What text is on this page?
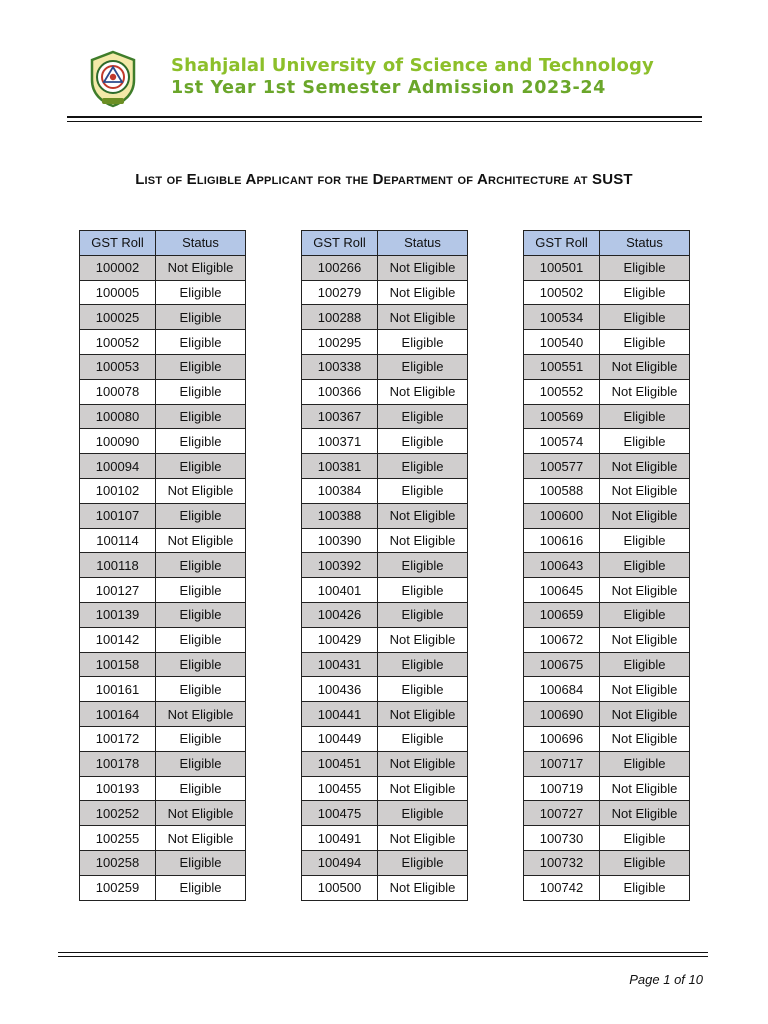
Shahjalal University of Science and Technology
1st Year 1st Semester Admission 2023-24
List of Eligible Applicant for the Department of Architecture at SUST
GST Roll	Status
100002	Not Eligible
100005	Eligible
100025	Eligible
100052	Eligible
100053	Eligible
100078	Eligible
100080	Eligible
100090	Eligible
100094	Eligible
100102	Not Eligible
100107	Eligible
100114	Not Eligible
100118	Eligible
100127	Eligible
100139	Eligible
100142	Eligible
100158	Eligible
100161	Eligible
100164	Not Eligible
100172	Eligible
100178	Eligible
100193	Eligible
100252	Not Eligible
100255	Not Eligible
100258	Eligible
100259	Eligible
GST Roll	Status
100266	Not Eligible
100279	Not Eligible
100288	Not Eligible
100295	Eligible
100338	Eligible
100366	Not Eligible
100367	Eligible
100371	Eligible
100381	Eligible
100384	Eligible
100388	Not Eligible
100390	Not Eligible
100392	Eligible
100401	Eligible
100426	Eligible
100429	Not Eligible
100431	Eligible
100436	Eligible
100441	Not Eligible
100449	Eligible
100451	Not Eligible
100455	Not Eligible
100475	Eligible
100491	Not Eligible
100494	Eligible
100500	Not Eligible
GST Roll	Status
100501	Eligible
100502	Eligible
100534	Eligible
100540	Eligible
100551	Not Eligible
100552	Not Eligible
100569	Eligible
100574	Eligible
100577	Not Eligible
100588	Not Eligible
100600	Not Eligible
100616	Eligible
100643	Eligible
100645	Not Eligible
100659	Eligible
100672	Not Eligible
100675	Eligible
100684	Not Eligible
100690	Not Eligible
100696	Not Eligible
100717	Eligible
100719	Not Eligible
100727	Not Eligible
100730	Eligible
100732	Eligible
100742	Eligible
Page 1 of 10
